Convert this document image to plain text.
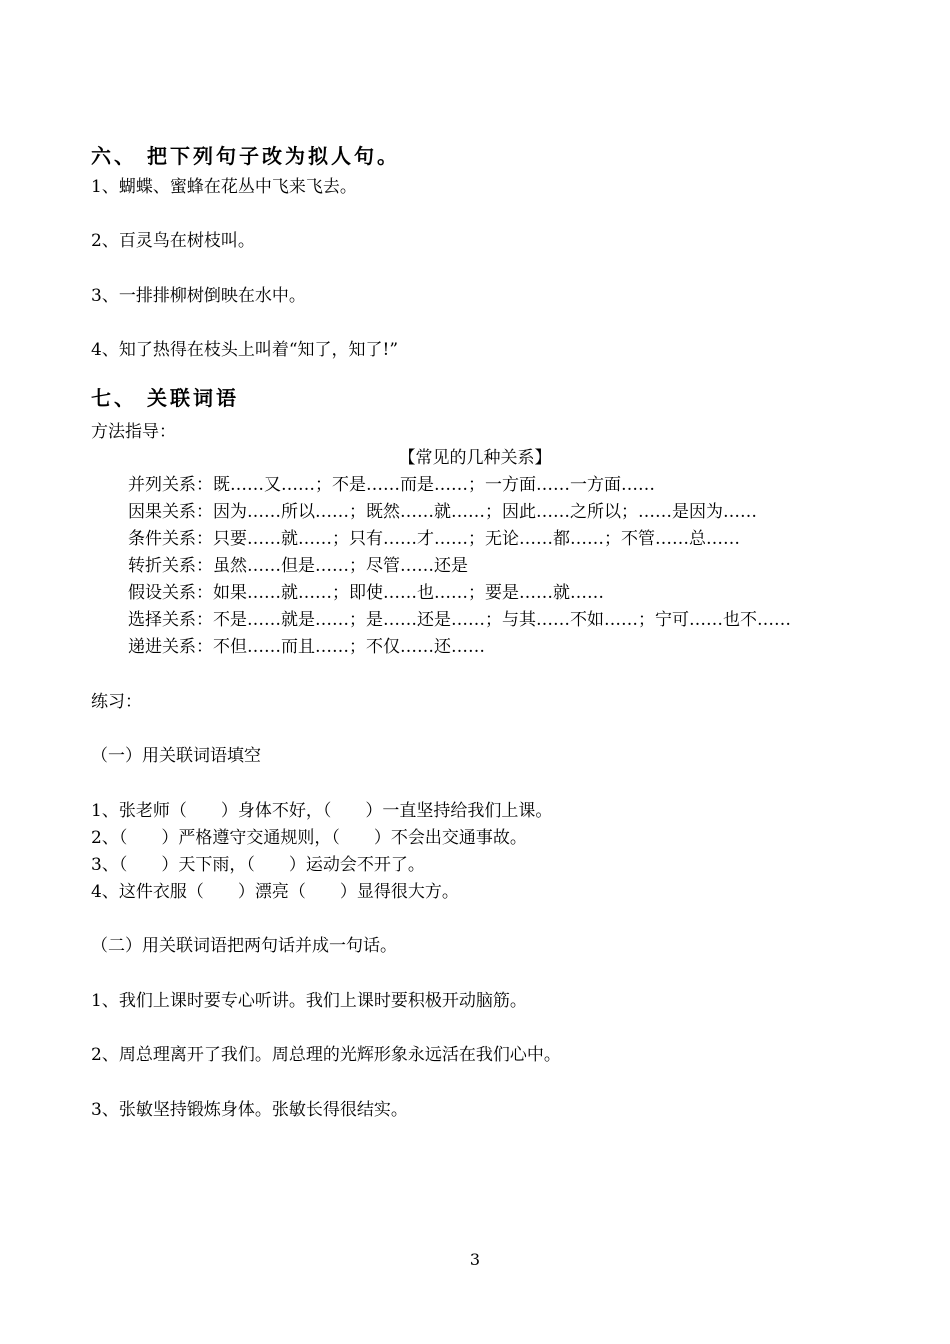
六、 把下列句子改为拟人句。
1、蝴蝶、蜜蜂在花丛中飞来飞去。
2、百灵鸟在树枝叫。
3、一排排柳树倒映在水中。
4、知了热得在枝头上叫着“知了，知了!”
七、 关联词语
方法指导：
【常见的几种关系】
并列关系：既……又……；不是……而是……；一方面……一方面……
因果关系：因为……所以……；既然……就……；因此……之所以；……是因为……
条件关系：只要……就……；只有……才……；无论……都……；不管……总……
转折关系：虽然……但是……；尽管……还是
假设关系：如果……就……；即使……也……；要是……就……
选择关系：不是……就是……；是……还是……；与其……不如……；宁可……也不……
递进关系：不但……而且……；不仅……还……
练习：
（一）用关联词语填空
1、张老师（　　）身体不好，（　　）一直坚持给我们上课。
2、（　　）严格遵守交通规则，（　　）不会出交通事故。
3、（　　）天下雨，（　　）运动会不开了。
4、这件衣服（　　）漂亮（　　）显得很大方。
（二）用关联词语把两句话并成一句话。
1、我们上课时要专心听讲。我们上课时要积极开动脑筋。
2、周总理离开了我们。周总理的光辉形象永远活在我们心中。
3、张敏坚持锻炼身体。张敏长得很结实。
3
